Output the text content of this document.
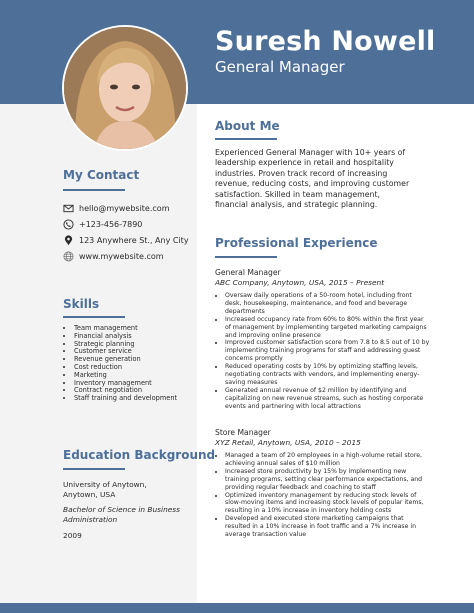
Suresh Nowell
General Manager
About Me
Experienced General Manager with 10+ years of leadership experience in retail and hospitality industries. Proven track record of increasing revenue, reducing costs, and improving customer satisfaction. Skilled in team management, financial analysis, and strategic planning.
My Contact
hello@mywebsite.com
+123-456-7890
123 Anywhere St., Any City
www.mywebsite.com
Skills
• Team management
• Financial analysis
• Strategic planning
• Customer service
• Revenue generation
• Cost reduction
• Marketing
• Inventory management
• Contract negotiation
• Staff training and development
Education Background
University of Anytown,
Anytown, USA
Bachelor of Science in Business
Administration
2009
Professional Experience
General Manager
ABC Company, Anytown, USA, 2015 – Present
• Oversaw daily operations of a 50-room hotel, including front desk, housekeeping, maintenance, and food and beverage departments
• Increased occupancy rate from 60% to 80% within the first year of management by implementing targeted marketing campaigns and improving online presence
• Improved customer satisfaction score from 7.8 to 8.5 out of 10 by implementing training programs for staff and addressing guest concerns promptly
• Reduced operating costs by 10% by optimizing staffing levels, negotiating contracts with vendors, and implementing energy-saving measures
• Generated annual revenue of $2 million by identifying and capitalizing on new revenue streams, such as hosting corporate events and partnering with local attractions
Store Manager
XYZ Retail, Anytown, USA, 2010 – 2015
• Managed a team of 20 employees in a high-volume retail store, achieving annual sales of $10 million
• Increased store productivity by 15% by implementing new training programs, setting clear performance expectations, and providing regular feedback and coaching to staff
• Optimized inventory management by reducing stock levels of slow-moving items and increasing stock levels of popular items, resulting in a 10% increase in inventory holding costs
• Developed and executed store marketing campaigns that resulted in a 10% increase in foot traffic and a 7% increase in average transaction value
